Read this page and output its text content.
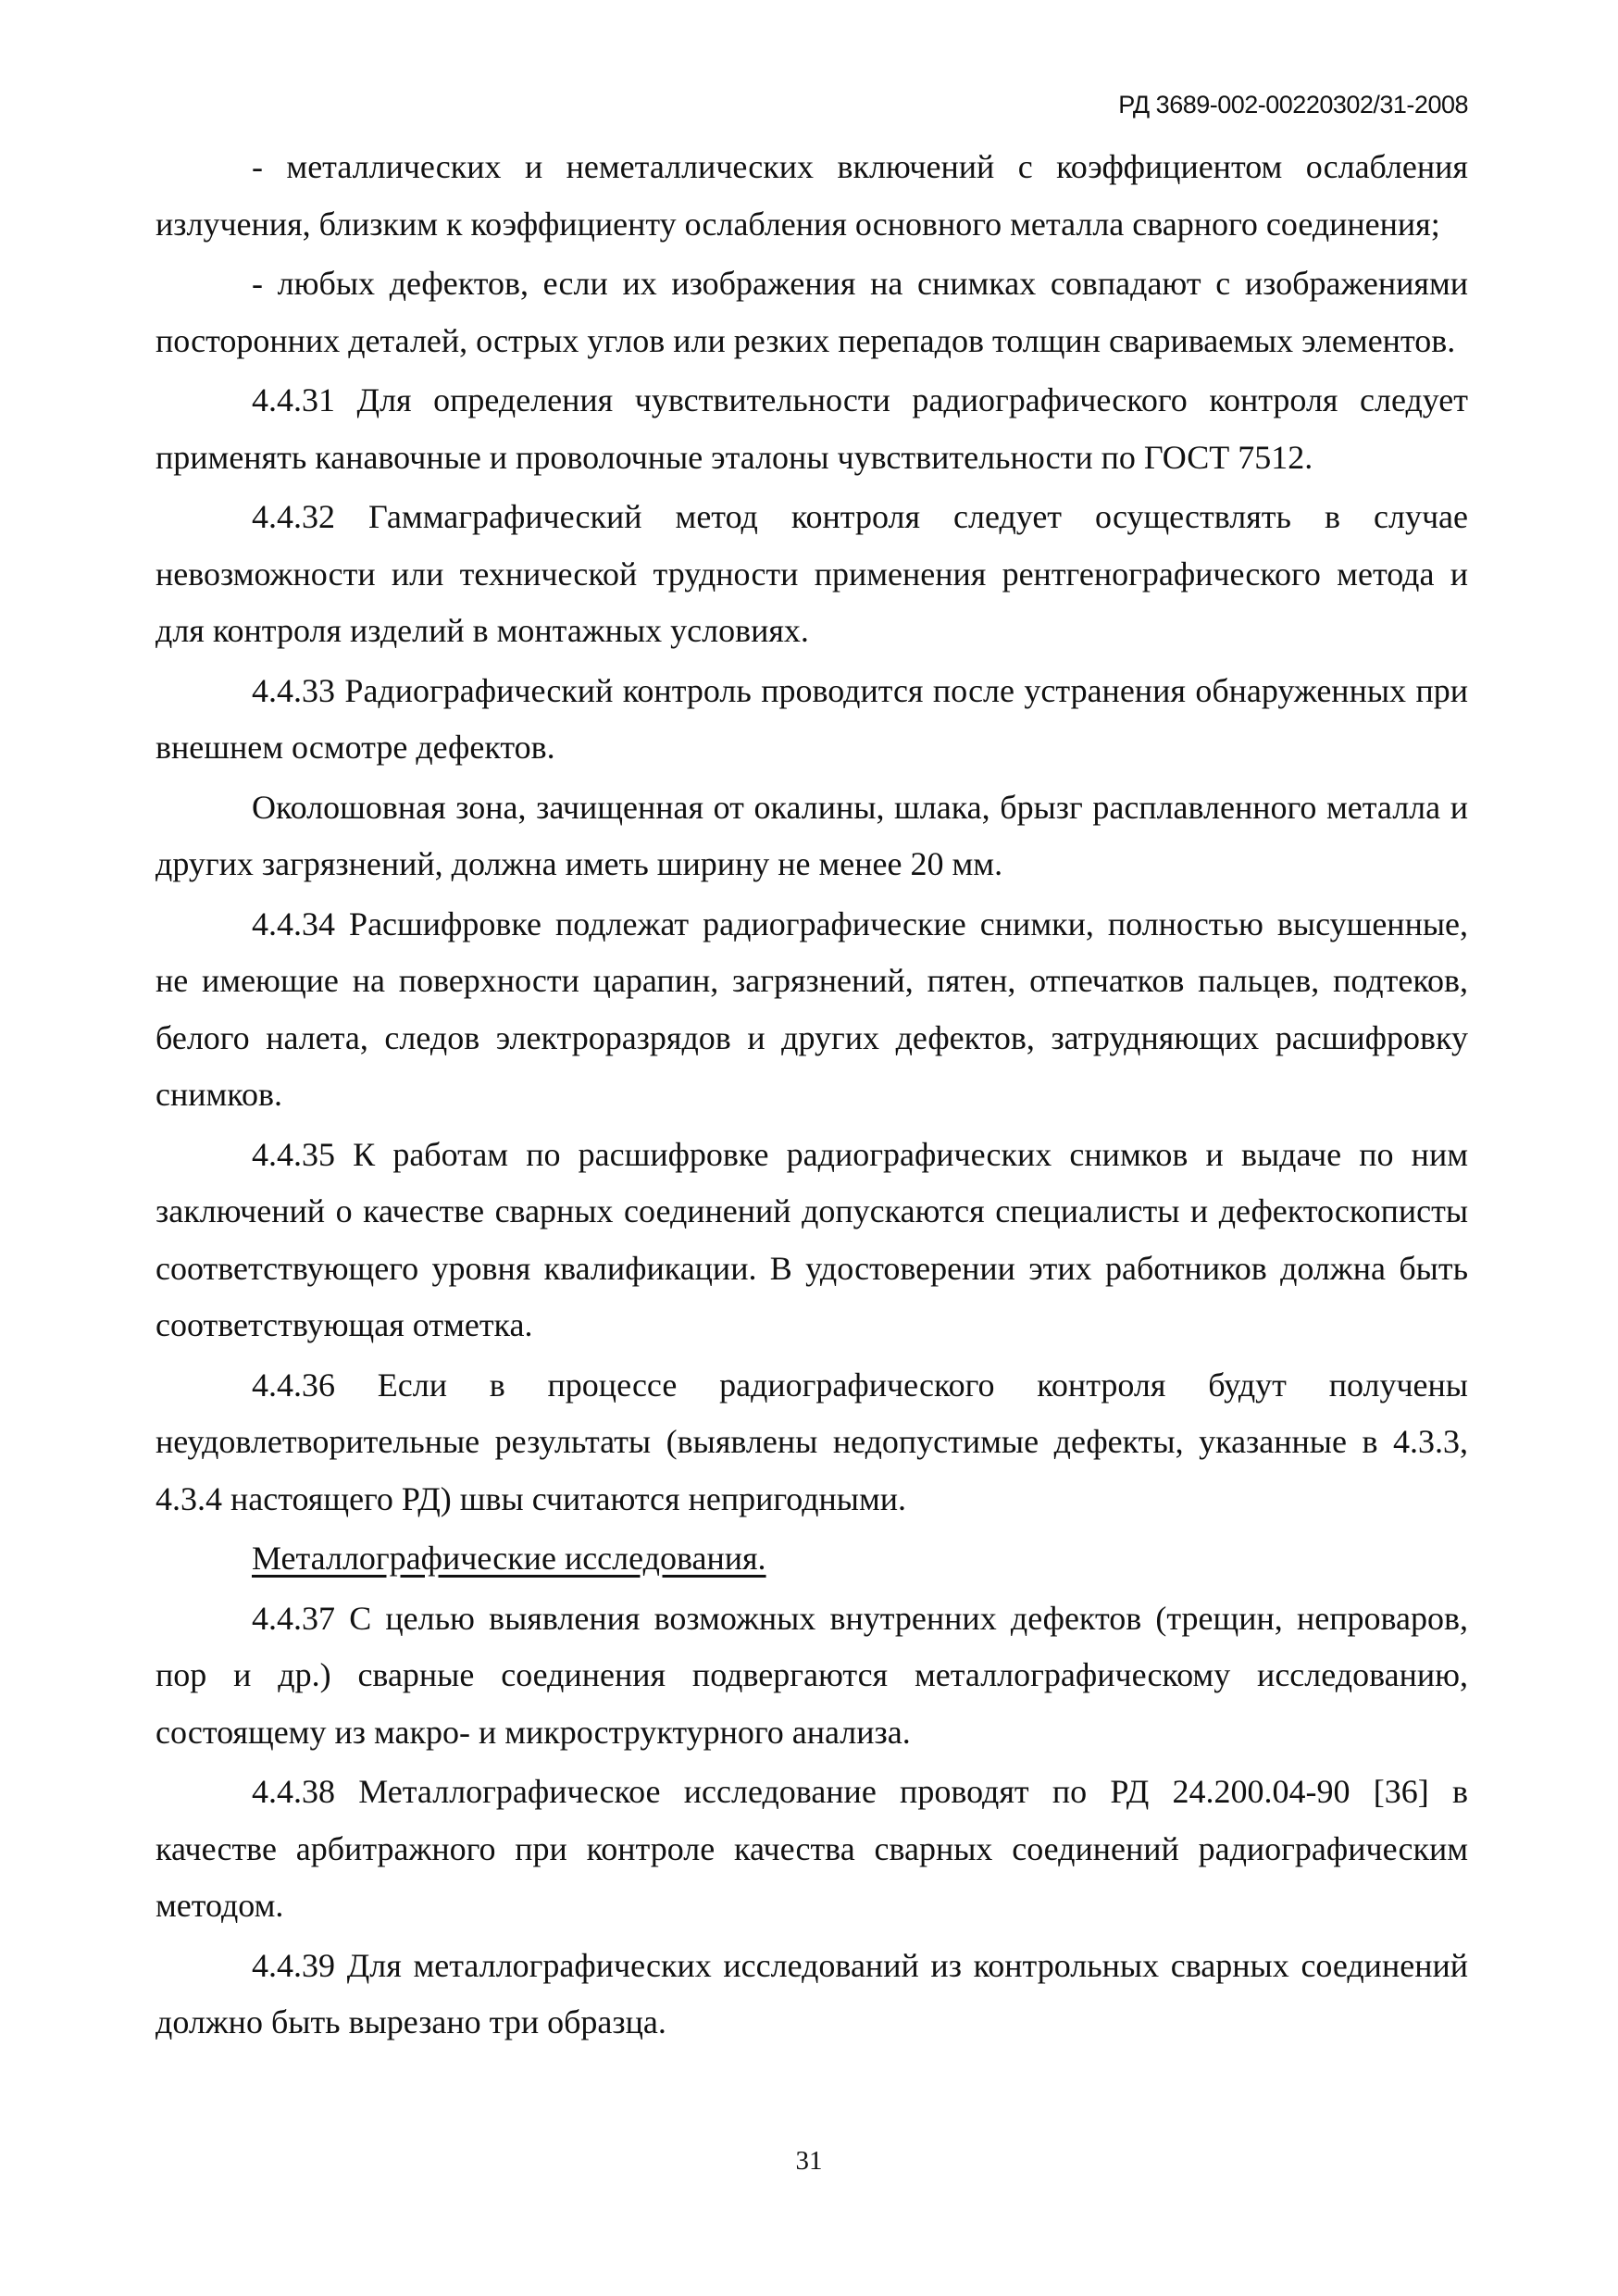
РД 3689-002-00220302/31-2008

- металлических и неметаллических включений с коэффициентом ослабления излучения, близким к коэффициенту ослабления основного металла сварного соединения;

- любых дефектов, если их изображения на снимках совпадают с изображениями посторонних деталей, острых углов или резких перепадов толщин свариваемых элементов.

4.4.31 Для определения чувствительности радиографического контроля следует применять канавочные и проволочные эталоны чувствительности по ГОСТ 7512.

4.4.32 Гаммаграфический метод контроля следует осуществлять в случае невозможности или технической трудности применения рентгенографического метода и для контроля изделий в монтажных условиях.

4.4.33 Радиографический контроль проводится после устранения обнаруженных при внешнем осмотре дефектов.

Околошовная зона, зачищенная от окалины, шлака, брызг расплавленного металла и других загрязнений, должна иметь ширину не менее 20 мм.

4.4.34 Расшифровке подлежат радиографические снимки, полностью высушенные, не имеющие на поверхности царапин, загрязнений, пятен, отпечатков пальцев, подтеков, белого налета, следов электроразрядов и других дефектов, затрудняющих расшифровку снимков.

4.4.35 К работам по расшифровке радиографических снимков и выдаче по ним заключений о качестве сварных соединений допускаются специалисты и дефектоскописты соответствующего уровня квалификации. В удостоверении этих работников должна быть соответствующая отметка.

4.4.36 Если в процессе радиографического контроля будут получены неудовлетворительные результаты (выявлены недопустимые дефекты, указанные в 4.3.3, 4.3.4 настоящего РД) швы считаются непригодными.

Металлографические исследования.

4.4.37 С целью выявления возможных внутренних дефектов (трещин, непроваров, пор и др.) сварные соединения подвергаются металлографическому исследованию, состоящему из макро- и микроструктурного анализа.

4.4.38 Металлографическое исследование проводят по РД 24.200.04-90 [36] в качестве арбитражного при контроле качества сварных соединений радиографическим методом.

4.4.39 Для металлографических исследований из контрольных сварных соединений должно быть вырезано три образца.

31
